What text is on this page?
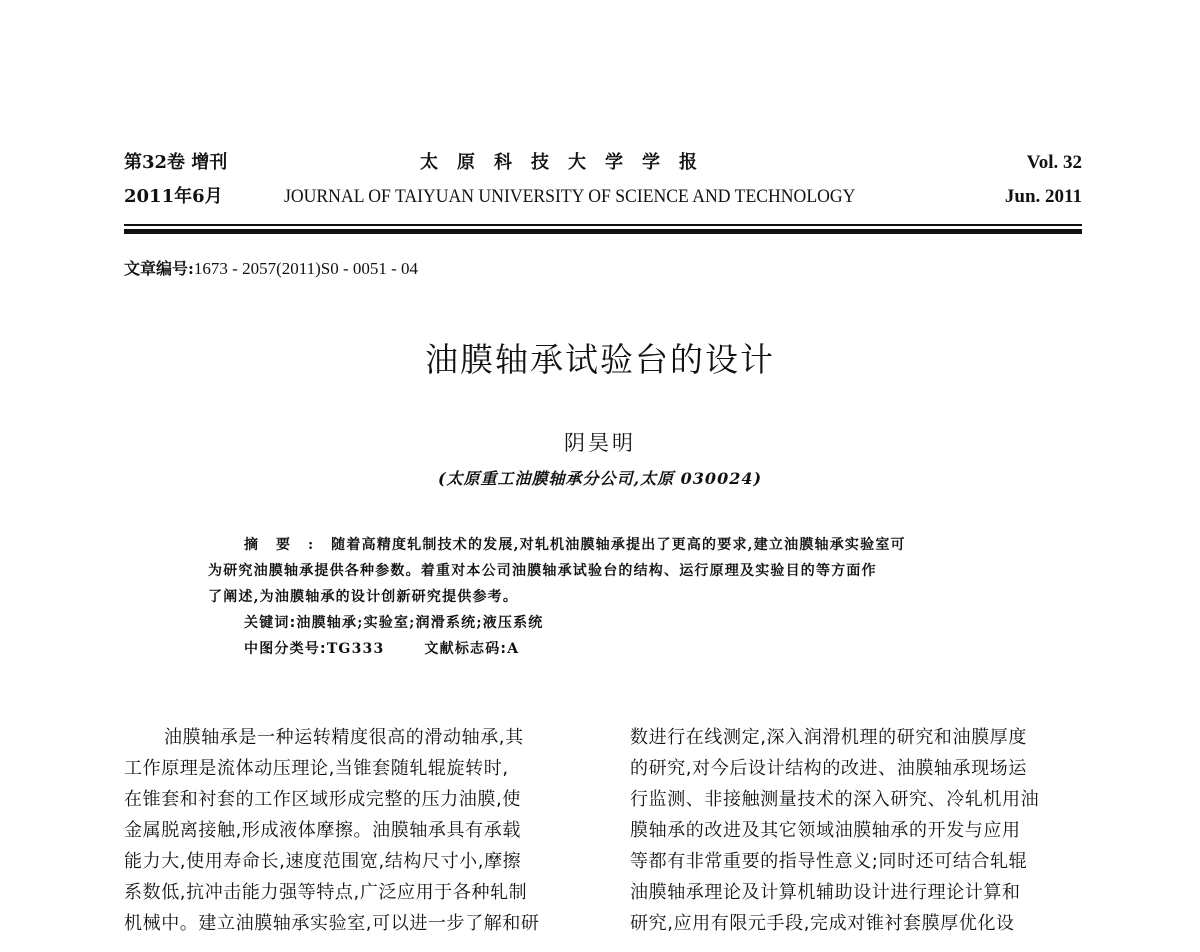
第32卷 增刊
2011年6月
太原科技大学学报
JOURNAL OF TAIYUAN UNIVERSITY OF SCIENCE AND TECHNOLOGY
Vol. 32
Jun. 2011
文章编号:1673 - 2057(2011)S0 - 0051 - 04
油膜轴承试验台的设计
阴昊明
(太原重工油膜轴承分公司,太原 030024)
摘要:随着高精度轧制技术的发展,对轧机油膜轴承提出了更高的要求,建立油膜轴承实验室可
为研究油膜轴承提供各种参数。着重对本公司油膜轴承试验台的结构、运行原理及实验目的等方面作
了阐述,为油膜轴承的设计创新研究提供参考。
关键词:油膜轴承;实验室;润滑系统;液压系统
中图分类号:TG333	文献标志码:A
油膜轴承是一种运转精度很高的滑动轴承,其
工作原理是流体动压理论,当锥套随轧辊旋转时,
在锥套和衬套的工作区域形成完整的压力油膜,使
金属脱离接触,形成液体摩擦。油膜轴承具有承载
能力大,使用寿命长,速度范围宽,结构尺寸小,摩擦
系数低,抗冲击能力强等特点,广泛应用于各种轧制
机械中。建立油膜轴承实验室,可以进一步了解和研
数进行在线测定,深入润滑机理的研究和油膜厚度
的研究,对今后设计结构的改进、油膜轴承现场运
行监测、非接触测量技术的深入研究、冷轧机用油
膜轴承的改进及其它领域油膜轴承的开发与应用
等都有非常重要的指导性意义;同时还可结合轧辊
油膜轴承理论及计算机辅助设计进行理论计算和
研究,应用有限元手段,完成对锥衬套膜厚优化设
